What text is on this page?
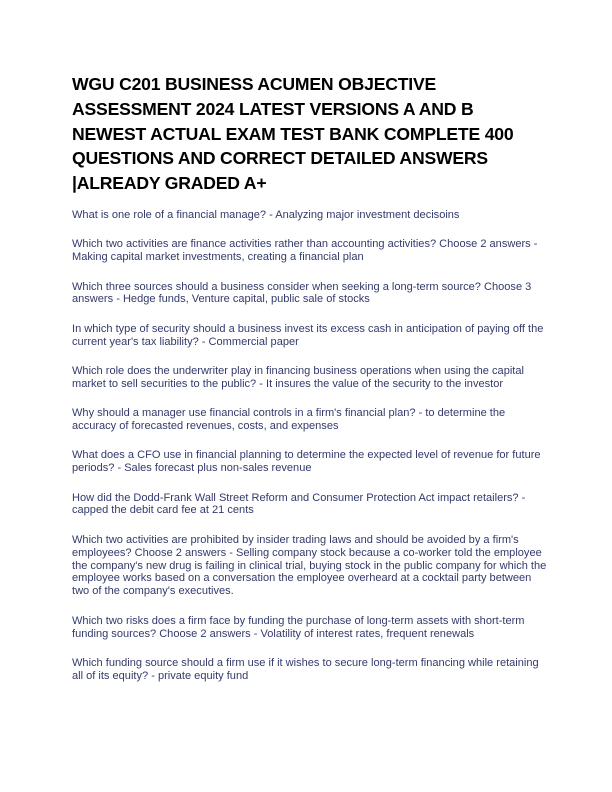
WGU C201 BUSINESS ACUMEN OBJECTIVE ASSESSMENT 2024 LATEST VERSIONS A AND B NEWEST ACTUAL EXAM TEST BANK COMPLETE 400 QUESTIONS AND CORRECT DETAILED ANSWERS |ALREADY GRADED A+
What is one role of a financial manage? - Analyzing major investment decisoins
Which two activities are finance activities rather than accounting activities? Choose 2 answers - Making capital market investments, creating a financial plan
Which three sources should a business consider when seeking a long-term source? Choose 3 answers - Hedge funds, Venture capital, public sale of stocks
In which type of security should a business invest its excess cash in anticipation of paying off the current year's tax liability? - Commercial paper
Which role does the underwriter play in financing business operations when using the capital market to sell securities to the public? - It insures the value of the security to the investor
Why should a manager use financial controls in a firm's financial plan? - to determine the accuracy of forecasted revenues, costs, and expenses
What does a CFO use in financial planning to determine the expected level of revenue for future periods? - Sales forecast plus non-sales revenue
How did the Dodd-Frank Wall Street Reform and Consumer Protection Act impact retailers? - capped the debit card fee at 21 cents
Which two activities are prohibited by insider trading laws and should be avoided by a firm's employees? Choose 2 answers - Selling company stock because a co-worker told the employee the company's new drug is failing in clinical trial, buying stock in the public company for which the employee works based on a conversation the employee overheard at a cocktail party between two of the company's executives.
Which two risks does a firm face by funding the purchase of long-term assets with short-term funding sources? Choose 2 answers - Volatility of interest rates, frequent renewals
Which funding source should a firm use if it wishes to secure long-term financing while retaining all of its equity? - private equity fund
